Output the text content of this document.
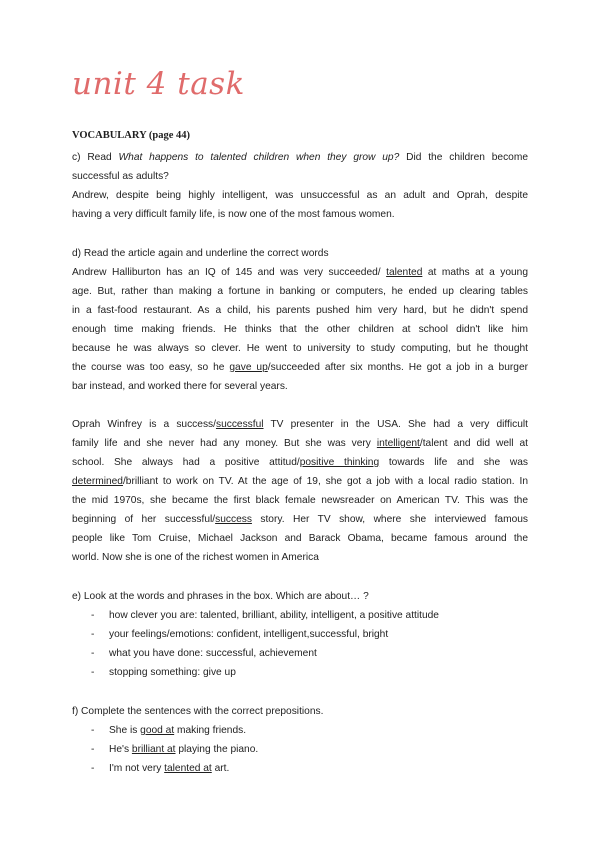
unit 4 task
VOCABULARY (page 44)
c) Read What happens to talented children when they grow up? Did the children become
successful as adults?
Andrew, despite being highly intelligent, was unsuccessful as an adult and Oprah, despite
having a very difficult family life, is now one of the most famous women.
d) Read the article again and underline the correct words
Andrew Halliburton has an IQ of 145 and was very succeeded/ talented at maths at a young
age. But, rather than making a fortune in banking or computers, he ended up clearing tables
in a fast-food restaurant. As a child, his parents pushed him very hard, but he didn't spend
enough time making friends. He thinks that the other children at school didn't like him
because he was always so clever. He went to university to study computing, but he thought
the course was too easy, so he gave up/succeeded after six months. He got a job in a burger
bar instead, and worked there for several years.
Oprah Winfrey is a success/successful TV presenter in the USA. She had a very difficult
family life and she never had any money. But she was very intelligent/talent and did well at
school. She always had a positive attitud/positive thinking towards life and she was
determined/brilliant to work on TV. At the age of 19, she got a job with a local radio station. In
the mid 1970s, she became the first black female newsreader on American TV. This was the
beginning of her successful/success story. Her TV show, where she interviewed famous
people like Tom Cruise, Michael Jackson and Barack Obama, became famous around the
world. Now she is one of the richest women in America
e) Look at the words and phrases in the box. Which are about… ?
- how clever you are: talented, brilliant, ability, intelligent, a positive attitude
- your feelings/emotions: confident, intelligent,successful, bright
- what you have done: successful, achievement
- stopping something: give up
f) Complete the sentences with the correct prepositions.
- She is good at making friends.
- He's brilliant at playing the piano.
- I'm not very talented at art.
